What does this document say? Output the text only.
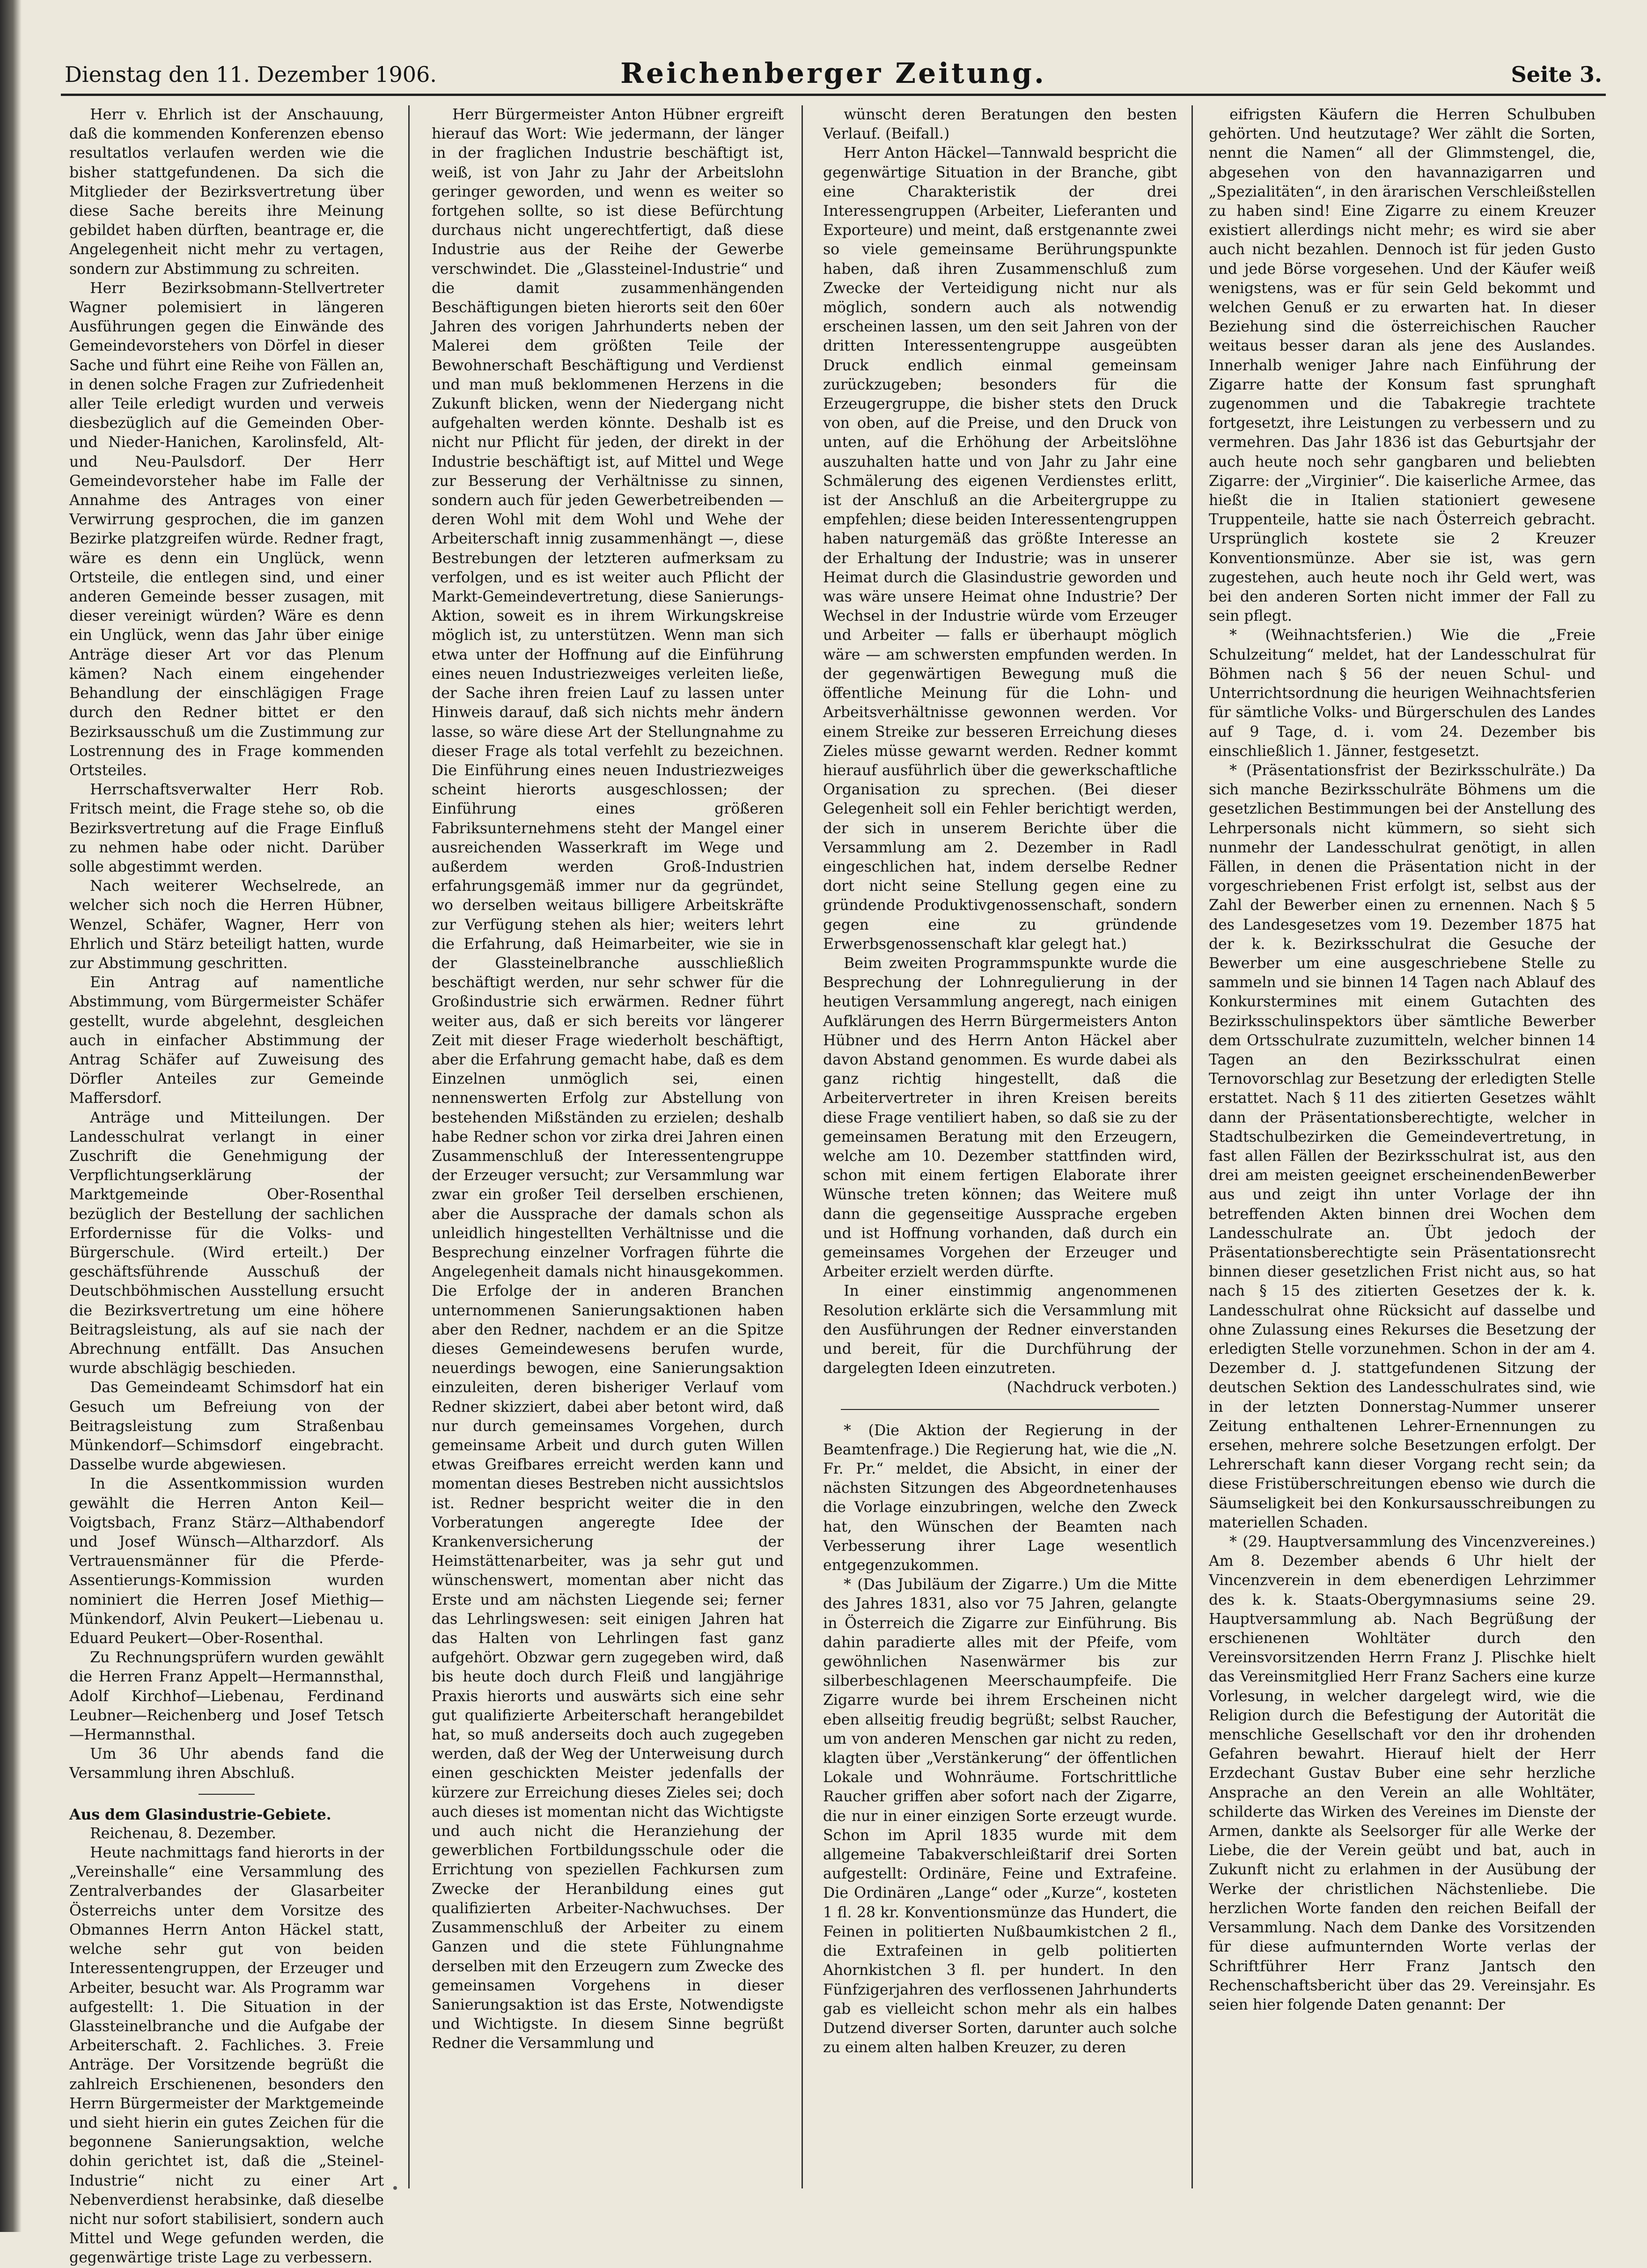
Dienstag den 11. Dezember 1906.	Reichenberger Zeitung.	Seite 3.

Herr v. Ehrlich ist der Anschauung, daß die kommenden Konferenzen ebenso resultatlos verlaufen werden wie die bisher stattgefundenen. Da sich die Mitglieder der Bezirksvertretung über diese Sache bereits ihre Meinung gebildet haben dürften, beantrage er, die Angelegenheit nicht mehr zu vertagen, sondern zur Abstimmung zu schreiten.

Herr Bezirksobmann-Stellvertreter Wagner polemisiert in längeren Ausführungen gegen die Einwände des Gemeindevorstehers von Dörfel in dieser Sache und führt eine Reihe von Fällen an, in denen solche Fragen zur Zufriedenheit aller Teile erledigt wurden und verweis diesbezüglich auf die Gemeinden Ober- und Nieder-Hanichen, Karolinsfeld, Alt- und Neu-Paulsdorf. Der Herr Gemeindevorsteher habe im Falle der Annahme des Antrages von einer Verwirrung gesprochen, die im ganzen Bezirke platzgreifen würde. Redner fragt, wäre es denn ein Unglück, wenn Ortsteile, die entlegen sind, und einer anderen Gemeinde besser zusagen, mit dieser vereinigt würden? Wäre es denn ein Unglück, wenn das Jahr über einige Anträge dieser Art vor das Plenum kämen? Nach einem eingehender Behandlung der einschlägigen Frage durch den Redner bittet er den Bezirksausschuß um die Zustimmung zur Lostrennung des in Frage kommenden Ortsteiles.

Herrschaftsverwalter Herr Rob. Fritsch meint, die Frage stehe so, ob die Bezirksvertretung auf die Frage Einfluß zu nehmen habe oder nicht. Darüber solle abgestimmt werden.

Nach weiterer Wechselrede, an welcher sich noch die Herren Hübner, Wenzel, Schäfer, Wagner, Herr von Ehrlich und Stärz beteiligt hatten, wurde zur Abstimmung geschritten.

Ein Antrag auf namentliche Abstimmung, vom Bürgermeister Schäfer gestellt, wurde abgelehnt, desgleichen auch in einfacher Abstimmung der Antrag Schäfer auf Zuweisung des Dörfler Anteiles zur Gemeinde Maffersdorf.

Anträge und Mitteilungen. Der Landesschulrat verlangt in einer Zuschrift die Genehmigung der Verpflichtungserklärung der Marktgemeinde Ober-Rosenthal bezüglich der Bestellung der sachlichen Erfordernisse für die Volks- und Bürgerschule. (Wird erteilt.) Der geschäftsführende Ausschuß der Deutschböhmischen Ausstellung ersucht die Bezirksvertretung um eine höhere Beitragsleistung, als auf sie nach der Abrechnung entfällt. Das Ansuchen wurde abschlägig beschieden.

Das Gemeindeamt Schimsdorf hat ein Gesuch um Befreiung von der Beitragsleistung zum Straßenbau Münkendorf—Schimsdorf eingebracht. Dasselbe wurde abgewiesen.

In die Assentkommission wurden gewählt die Herren Anton Keil—Voigtsbach, Franz Stärz—Althabendorf und Josef Wünsch—Altharzdorf. Als Vertrauensmänner für die Pferde-Assentierungs-Kommission wurden nominiert die Herren Josef Miethig—Münkendorf, Alvin Peukert—Liebenau u. Eduard Peukert—Ober-Rosenthal.

Zu Rechnungsprüfern wurden gewählt die Herren Franz Appelt—Hermannsthal, Adolf Kirchhof—Liebenau, Ferdinand Leubner—Reichenberg und Josef Tetsch—Hermannsthal.

Um 36 Uhr abends fand die Versammlung ihren Abschluß.

Aus dem Glasindustrie-Gebiete.

Reichenau, 8. Dezember.

Heute nachmittags fand hierorts in der „Vereinshalle“ eine Versammlung des Zentralverbandes der Glasarbeiter Österreichs unter dem Vorsitze des Obmannes Herrn Anton Häckel statt, welche sehr gut von beiden Interessentengruppen, der Erzeuger und Arbeiter, besucht war. Als Programm war aufgestellt: 1. Die Situation in der Glassteinelbranche und die Aufgabe der Arbeiterschaft. 2. Fachliches. 3. Freie Anträge. Der Vorsitzende begrüßt die zahlreich Erschienenen, besonders den Herrn Bürgermeister der Marktgemeinde und sieht hierin ein gutes Zeichen für die begonnene Sanierungsaktion, welche dohin gerichtet ist, daß die „Steinel-Industrie“ nicht zu einer Art Nebenverdienst herabsinke, daß dieselbe nicht nur sofort stabilisiert, sondern auch Mittel und Wege gefunden werden, die gegenwärtige triste Lage zu verbessern.

Herr Bürgermeister Anton Hübner ergreift hierauf das Wort: Wie jedermann, der länger in der fraglichen Industrie beschäftigt ist, weiß, ist von Jahr zu Jahr der Arbeitslohn geringer geworden, und wenn es weiter so fortgehen sollte, so ist diese Befürchtung durchaus nicht ungerechtfertigt, daß diese Industrie aus der Reihe der Gewerbe verschwindet. Die „Glassteinel-Industrie“ und die damit zusammenhängenden Beschäftigungen bieten hierorts seit den 60er Jahren des vorigen Jahrhunderts neben der Malerei dem größten Teile der Bewohnerschaft Beschäftigung und Verdienst und man muß beklommenen Herzens in die Zukunft blicken, wenn der Niedergang nicht aufgehalten werden könnte. Deshalb ist es nicht nur Pflicht für jeden, der direkt in der Industrie beschäftigt ist, auf Mittel und Wege zur Besserung der Verhältnisse zu sinnen, sondern auch für jeden Gewerbetreibenden — deren Wohl mit dem Wohl und Wehe der Arbeiterschaft innig zusammenhängt —, diese Bestrebungen der letzteren aufmerksam zu verfolgen, und es ist weiter auch Pflicht der Markt-Gemeindevertretung, diese Sanierungs-Aktion, soweit es in ihrem Wirkungskreise möglich ist, zu unterstützen. Wenn man sich etwa unter der Hoffnung auf die Einführung eines neuen Industriezweiges verleiten ließe, der Sache ihren freien Lauf zu lassen unter Hinweis darauf, daß sich nichts mehr ändern lasse, so wäre diese Art der Stellungnahme zu dieser Frage als total verfehlt zu bezeichnen. Die Einführung eines neuen Industriezweiges scheint hierorts ausgeschlossen; der Einführung eines größeren Fabriksunternehmens steht der Mangel einer ausreichenden Wasserkraft im Wege und außerdem werden Groß-Industrien erfahrungsgemäß immer nur da gegründet, wo derselben weitaus billigere Arbeitskräfte zur Verfügung stehen als hier; weiters lehrt die Erfahrung, daß Heimarbeiter, wie sie in der Glassteinelbranche ausschließlich beschäftigt werden, nur sehr schwer für die Großindustrie sich erwärmen. Redner führt weiter aus, daß er sich bereits vor längerer Zeit mit dieser Frage wiederholt beschäftigt, aber die Erfahrung gemacht habe, daß es dem Einzelnen unmöglich sei, einen nennenswerten Erfolg zur Abstellung von bestehenden Mißständen zu erzielen; deshalb habe Redner schon vor zirka drei Jahren einen Zusammenschluß der Interessentengruppe der Erzeuger versucht; zur Versammlung war zwar ein großer Teil derselben erschienen, aber die Aussprache der damals schon als unleidlich hingestellten Verhältnisse und die Besprechung einzelner Vorfragen führte die Angelegenheit damals nicht hinausgekommen. Die Erfolge der in anderen Branchen unternommenen Sanierungsaktionen haben aber den Redner, nachdem er an die Spitze dieses Gemeindewesens berufen wurde, neuerdings bewogen, eine Sanierungsaktion einzuleiten, deren bisheriger Verlauf vom Redner skizziert, dabei aber betont wird, daß nur durch gemeinsames Vorgehen, durch gemeinsame Arbeit und durch guten Willen etwas Greifbares erreicht werden kann und momentan dieses Bestreben nicht aussichtslos ist. Redner bespricht weiter die in den Vorberatungen angeregte Idee der Krankenversicherung der Heimstättenarbeiter, was ja sehr gut und wünschenswert, momentan aber nicht das Erste und am nächsten Liegende sei; ferner das Lehrlingswesen: seit einigen Jahren hat das Halten von Lehrlingen fast ganz aufgehört. Obzwar gern zugegeben wird, daß bis heute doch durch Fleiß und langjährige Praxis hierorts und auswärts sich eine sehr gut qualifizierte Arbeiterschaft herangebildet hat, so muß anderseits doch auch zugegeben werden, daß der Weg der Unterweisung durch einen geschickten Meister jedenfalls der kürzere zur Erreichung dieses Zieles sei; doch auch dieses ist momentan nicht das Wichtigste und auch nicht die Heranziehung der gewerblichen Fortbildungsschule oder die Errichtung von speziellen Fachkursen zum Zwecke der Heranbildung eines gut qualifizierten Arbeiter-Nachwuchses. Der Zusammenschluß der Arbeiter zu einem Ganzen und die stete Fühlungnahme derselben mit den Erzeugern zum Zwecke des gemeinsamen Vorgehens in dieser Sanierungsaktion ist das Erste, Notwendigste und Wichtigste. In diesem Sinne begrüßt Redner die Versammlung und

wünscht deren Beratungen den besten Verlauf. (Beifall.)

Herr Anton Häckel—Tannwald bespricht die gegenwärtige Situation in der Branche, gibt eine Charakteristik der drei Interessengruppen (Arbeiter, Lieferanten und Exporteure) und meint, daß erstgenannte zwei so viele gemeinsame Berührungspunkte haben, daß ihren Zusammenschluß zum Zwecke der Verteidigung nicht nur als möglich, sondern auch als notwendig erscheinen lassen, um den seit Jahren von der dritten Interessentengruppe ausgeübten Druck endlich einmal gemeinsam zurückzugeben; besonders für die Erzeugergruppe, die bisher stets den Druck von oben, auf die Preise, und den Druck von unten, auf die Erhöhung der Arbeitslöhne auszuhalten hatte und von Jahr zu Jahr eine Schmälerung des eigenen Verdienstes erlitt, ist der Anschluß an die Arbeitergruppe zu empfehlen; diese beiden Interessentengruppen haben naturgemäß das größte Interesse an der Erhaltung der Industrie; was in unserer Heimat durch die Glasindustrie geworden und was wäre unsere Heimat ohne Industrie? Der Wechsel in der Industrie würde vom Erzeuger und Arbeiter — falls er überhaupt möglich wäre — am schwersten empfunden werden. In der gegenwärtigen Bewegung muß die öffentliche Meinung für die Lohn- und Arbeitsverhältnisse gewonnen werden. Vor einem Streike zur besseren Erreichung dieses Zieles müsse gewarnt werden. Redner kommt hierauf ausführlich über die gewerkschaftliche Organisation zu sprechen. (Bei dieser Gelegenheit soll ein Fehler berichtigt werden, der sich in unserem Berichte über die Versammlung am 2. Dezember in Radl eingeschlichen hat, indem derselbe Redner dort nicht seine Stellung gegen eine zu gründende Produktivgenossenschaft, sondern gegen eine zu gründende Erwerbsgenossenschaft klar gelegt hat.)

Beim zweiten Programmspunkte wurde die Besprechung der Lohnregulierung in der heutigen Versammlung angeregt, nach einigen Aufklärungen des Herrn Bürgermeisters Anton Hübner und des Herrn Anton Häckel aber davon Abstand genommen. Es wurde dabei als ganz richtig hingestellt, daß die Arbeitervertreter in ihren Kreisen bereits diese Frage ventiliert haben, so daß sie zu der gemeinsamen Beratung mit den Erzeugern, welche am 10. Dezember stattfinden wird, schon mit einem fertigen Elaborate ihrer Wünsche treten können; das Weitere muß dann die gegenseitige Aussprache ergeben und ist Hoffnung vorhanden, daß durch ein gemeinsames Vorgehen der Erzeuger und Arbeiter erzielt werden dürfte.

In einer einstimmig angenommenen Resolution erklärte sich die Versammlung mit den Ausführungen der Redner einverstanden und bereit, für die Durchführung der dargelegten Ideen einzutreten.

(Nachdruck verboten.)

* (Die Aktion der Regierung in der Beamtenfrage.) Die Regierung hat, wie die „N. Fr. Pr.“ meldet, die Absicht, in einer der nächsten Sitzungen des Abgeordnetenhauses die Vorlage einzubringen, welche den Zweck hat, den Wünschen der Beamten nach Verbesserung ihrer Lage wesentlich entgegenzukommen.

* (Das Jubiläum der Zigarre.) Um die Mitte des Jahres 1831, also vor 75 Jahren, gelangte in Österreich die Zigarre zur Einführung. Bis dahin paradierte alles mit der Pfeife, vom gewöhnlichen Nasenwärmer bis zur silberbeschlagenen Meerschaumpfeife. Die Zigarre wurde bei ihrem Erscheinen nicht eben allseitig freudig begrüßt; selbst Raucher, um von anderen Menschen gar nicht zu reden, klagten über „Verstänkerung“ der öffentlichen Lokale und Wohnräume. Fortschrittliche Raucher griffen aber sofort nach der Zigarre, die nur in einer einzigen Sorte erzeugt wurde. Schon im April 1835 wurde mit dem allgemeine Tabakverschleißtarif drei Sorten aufgestellt: Ordinäre, Feine und Extrafeine. Die Ordinären „Lange“ oder „Kurze“, kosteten 1 fl. 28 kr. Konventionsmünze das Hundert, die Feinen in politierten Nußbaumkistchen 2 fl., die Extrafeinen in gelb politierten Ahornkistchen 3 fl. per hundert. In den Fünfzigerjahren des verflossenen Jahrhunderts gab es vielleicht schon mehr als ein halbes Dutzend diverser Sorten, darunter auch solche zu einem alten halben Kreuzer, zu deren

eifrigsten Käufern die Herren Schulbuben gehörten. Und heutzutage? Wer zählt die Sorten, nennt die Namen“ all der Glimmstengel, die, abgesehen von den havannazigarren und „Spezialitäten“, in den ärarischen Verschleißstellen zu haben sind! Eine Zigarre zu einem Kreuzer existiert allerdings nicht mehr; es wird sie aber auch nicht bezahlen. Dennoch ist für jeden Gusto und jede Börse vorgesehen. Und der Käufer weiß wenigstens, was er für sein Geld bekommt und welchen Genuß er zu erwarten hat. In dieser Beziehung sind die österreichischen Raucher weitaus besser daran als jene des Auslandes. Innerhalb weniger Jahre nach Einführung der Zigarre hatte der Konsum fast sprunghaft zugenommen und die Tabakregie trachtete fortgesetzt, ihre Leistungen zu verbessern und zu vermehren. Das Jahr 1836 ist das Geburtsjahr der auch heute noch sehr gangbaren und beliebten Zigarre: der „Virginier“. Die kaiserliche Armee, das hießt die in Italien stationiert gewesene Truppenteile, hatte sie nach Österreich gebracht. Ursprünglich kostete sie 2 Kreuzer Konventionsmünze. Aber sie ist, was gern zugestehen, auch heute noch ihr Geld wert, was bei den anderen Sorten nicht immer der Fall zu sein pflegt.

* (Weihnachtsferien.) Wie die „Freie Schulzeitung“ meldet, hat der Landesschulrat für Böhmen nach § 56 der neuen Schul- und Unterrichtsordnung die heurigen Weihnachtsferien für sämtliche Volks- und Bürgerschulen des Landes auf 9 Tage, d. i. vom 24. Dezember bis einschließlich 1. Jänner, festgesetzt.

* (Präsentationsfrist der Bezirksschulräte.) Da sich manche Bezirksschulräte Böhmens um die gesetzlichen Bestimmungen bei der Anstellung des Lehrpersonals nicht kümmern, so sieht sich nunmehr der Landesschulrat genötigt, in allen Fällen, in denen die Präsentation nicht in der vorgeschriebenen Frist erfolgt ist, selbst aus der Zahl der Bewerber einen zu ernennen. Nach § 5 des Landesgesetzes vom 19. Dezember 1875 hat der k. k. Bezirksschulrat die Gesuche der Bewerber um eine ausgeschriebene Stelle zu sammeln und sie binnen 14 Tagen nach Ablauf des Konkurstermines mit einem Gutachten des Bezirksschulinspektors über sämtliche Bewerber dem Ortsschulrate zuzumitteln, welcher binnen 14 Tagen an den Bezirksschulrat einen Ternovorschlag zur Besetzung der erledigten Stelle erstattet. Nach § 11 des zitierten Gesetzes wählt dann der Präsentationsberechtigte, welcher in Stadtschulbezirken die Gemeindevertretung, in fast allen Fällen der Bezirksschulrat ist, aus den drei am meisten geeignet erscheinendenBewerber aus und zeigt ihn unter Vorlage der ihn betreffenden Akten binnen drei Wochen dem Landesschulrate an. Übt jedoch der Präsentationsberechtigte sein Präsentationsrecht binnen dieser gesetzlichen Frist nicht aus, so hat nach § 15 des zitierten Gesetzes der k. k. Landesschulrat ohne Rücksicht auf dasselbe und ohne Zulassung eines Rekurses die Besetzung der erledigten Stelle vorzunehmen. Schon in der am 4. Dezember d. J. stattgefundenen Sitzung der deutschen Sektion des Landesschulrates sind, wie in der letzten Donnerstag-Nummer unserer Zeitung enthaltenen Lehrer-Ernennungen zu ersehen, mehrere solche Besetzungen erfolgt. Der Lehrerschaft kann dieser Vorgang recht sein; da diese Fristüberschreitungen ebenso wie durch die Säumseligkeit bei den Konkursausschreibungen zu materiellen Schaden.

* (29. Hauptversammlung des Vincenzvereines.) Am 8. Dezember abends 6 Uhr hielt der Vincenzverein in dem ebenerdigen Lehrzimmer des k. k. Staats-Obergymnasiums seine 29. Hauptversammlung ab. Nach Begrüßung der erschienenen Wohltäter durch den Vereinsvorsitzenden Herrn Franz J. Plischke hielt das Vereinsmitglied Herr Franz Sachers eine kurze Vorlesung, in welcher dargelegt wird, wie die Religion durch die Befestigung der Autorität die menschliche Gesellschaft vor den ihr drohenden Gefahren bewahrt. Hierauf hielt der Herr Erzdechant Gustav Buber eine sehr herzliche Ansprache an den Verein an alle Wohltäter, schilderte das Wirken des Vereines im Dienste der Armen, dankte als Seelsorger für alle Werke der Liebe, die der Verein geübt und bat, auch in Zukunft nicht zu erlahmen in der Ausübung der Werke der christlichen Nächstenliebe. Die herzlichen Worte fanden den reichen Beifall der Versammlung. Nach dem Danke des Vorsitzenden für diese aufmunternden Worte verlas der Schriftführer Herr Franz Jantsch den Rechenschaftsbericht über das 29. Vereinsjahr. Es seien hier folgende Daten genannt: Der
